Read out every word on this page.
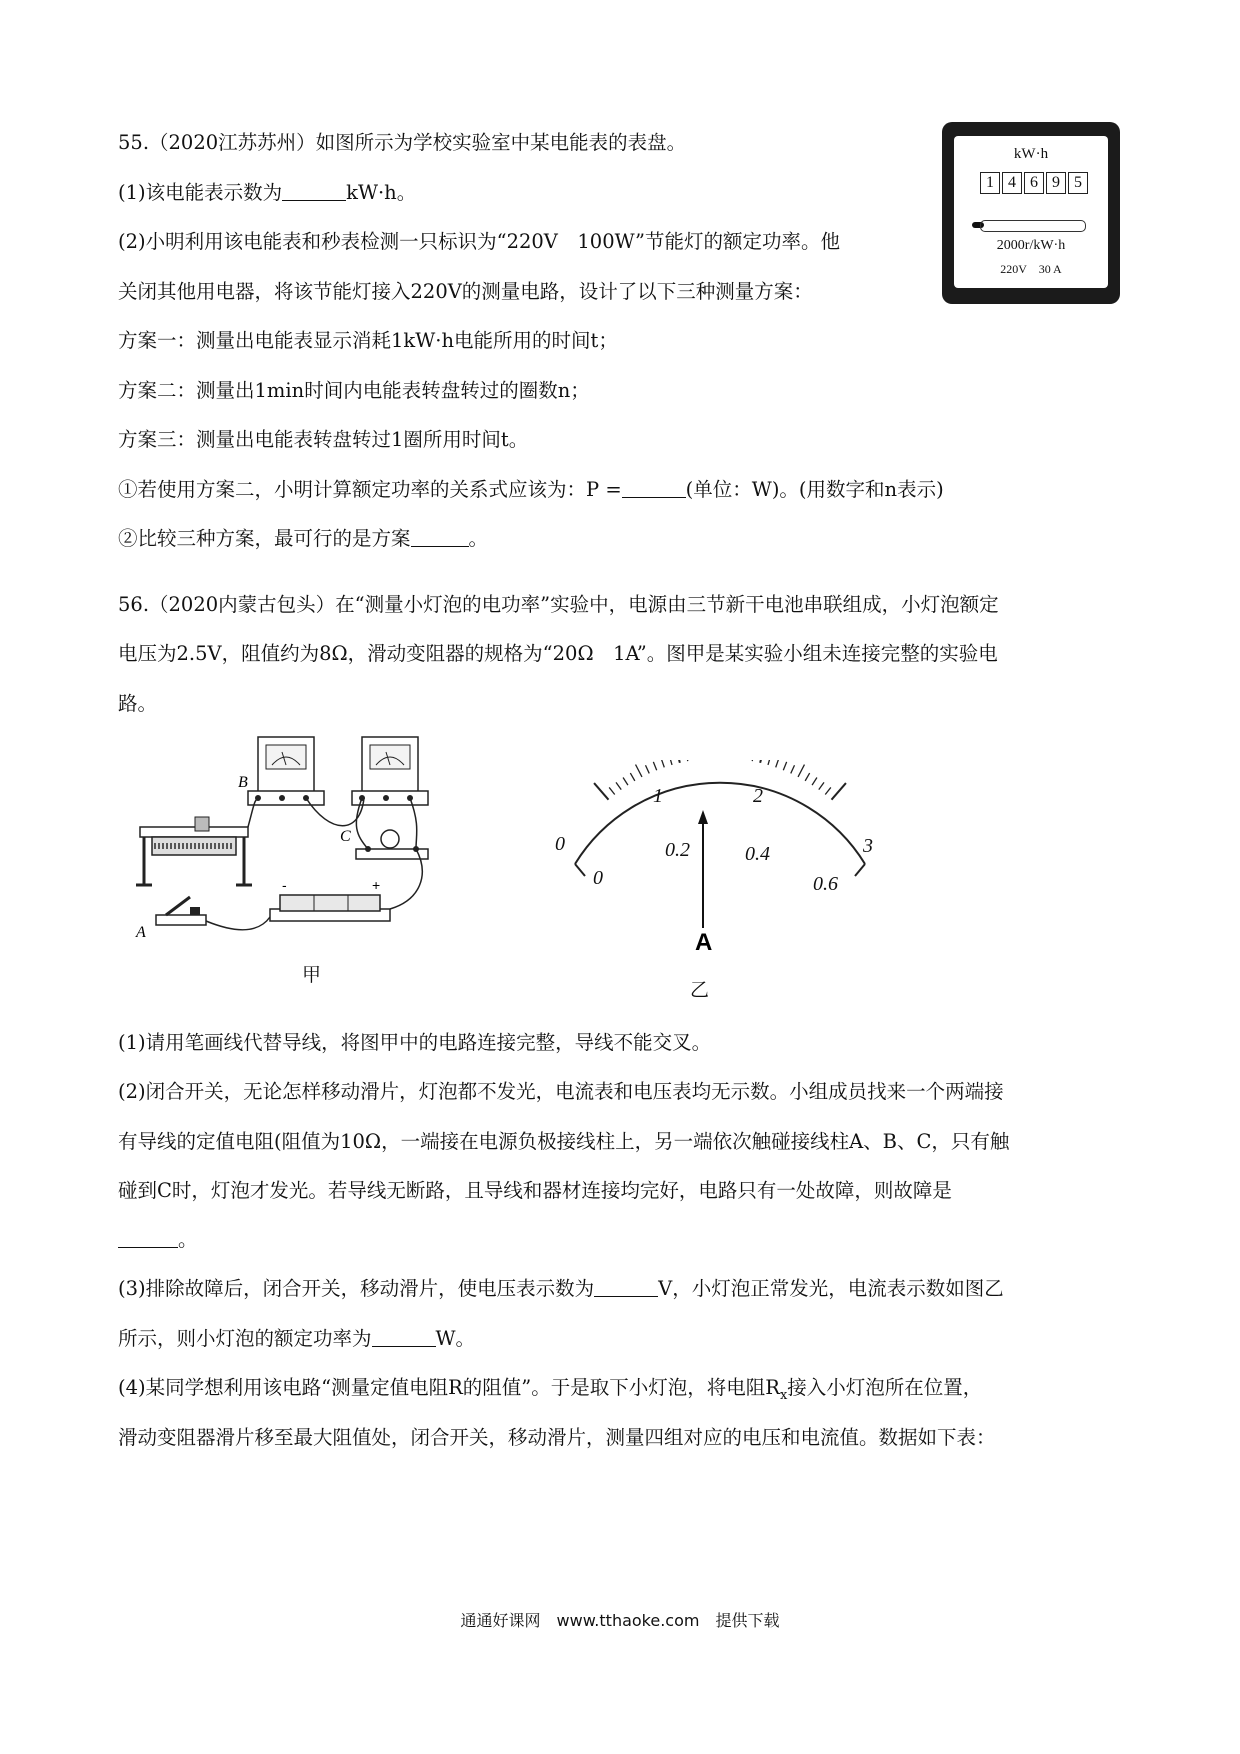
55.（2020江苏苏州）如图所示为学校实验室中某电能表的表盘。
(1)该电能表示数为	kW·h。
(2)小明利用该电能表和秒表检测一只标识为“220V　100W”节能灯的额定功率。他
关闭其他用电器，将该节能灯接入220V的测量电路，设计了以下三种测量方案：
方案一：测量出电能表显示消耗1kW·h电能所用的时间t；
方案二：测量出1min时间内电能表转盘转过的圈数n；
方案三：测量出电能表转盘转过1圈所用时间t。
①若使用方案二，小明计算额定功率的关系式应该为：P =	(单位：W)。(用数字和n表示)
②比较三种方案，最可行的是方案	。
kW·h
1 4 6 9 5
2000r/kW·h
220V　30 A
56.（2020内蒙古包头）在“测量小灯泡的电功率”实验中，电源由三节新干电池串联组成，小灯泡额定
电压为2.5V，阻值约为8Ω，滑动变阻器的规格为“20Ω　1A”。图甲是某实验小组未连接完整的实验电
路。
A
B
C
-	+
甲
0
1	2
3
0
0.2	0.4
0.6
A
乙
(1)请用笔画线代替导线，将图甲中的电路连接完整，导线不能交叉。
(2)闭合开关，无论怎样移动滑片，灯泡都不发光，电流表和电压表均无示数。小组成员找来一个两端接
有导线的定值电阻(阻值为10Ω，一端接在电源负极接线柱上，另一端依次触碰接线柱A、B、C，只有触
碰到C时，灯泡才发光。若导线无断路，且导线和器材连接均完好，电路只有一处故障，则故障是
。
(3)排除故障后，闭合开关，移动滑片，使电压表示数为	V，小灯泡正常发光，电流表示数如图乙
所示，则小灯泡的额定功率为	W。
(4)某同学想利用该电路“测量定值电阻R的阻值”。于是取下小灯泡，将电阻$R_x$接入小灯泡所在位置，
滑动变阻器滑片移至最大阻值处，闭合开关，移动滑片，测量四组对应的电压和电流值。数据如下表：
通通好课网　www.tthaoke.com　提供下载
